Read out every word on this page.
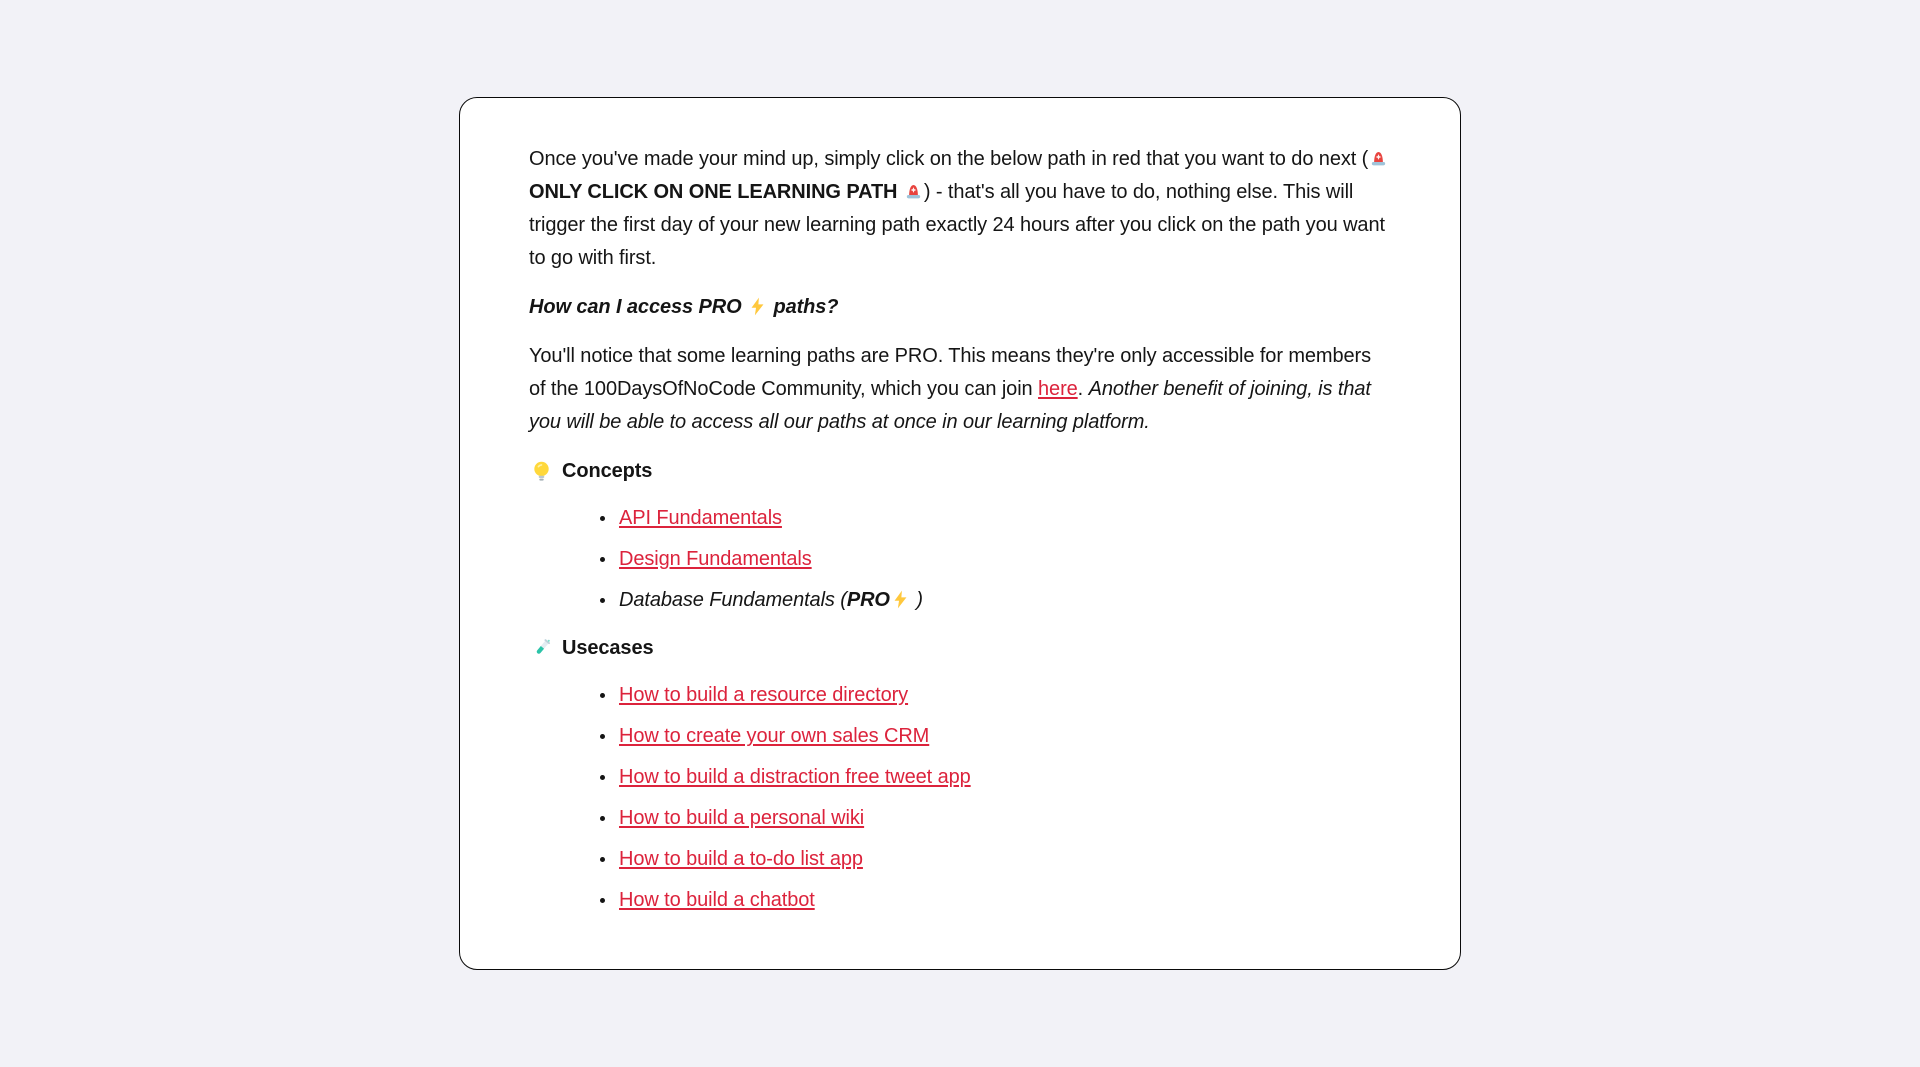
Once you've made your mind up, simply click on the below path in red that you want to do next ( ONLY CLICK ON ONE LEARNING PATH ) - that's all you have to do, nothing else. This will trigger the first day of your new learning path exactly 24 hours after you click on the path you want to go with first.

How can I access PRO  paths?

You'll notice that some learning paths are PRO. This means they're only accessible for members of the 100DaysOfNoCode Community, which you can join here. Another benefit of joining, is that you will be able to access all our paths at once in our learning platform.

Concepts
• API Fundamentals
• Design Fundamentals
• Database Fundamentals (PRO )
Usecases
• How to build a resource directory
• How to create your own sales CRM
• How to build a distraction free tweet app
• How to build a personal wiki
• How to build a to-do list app
• How to build a chatbot
